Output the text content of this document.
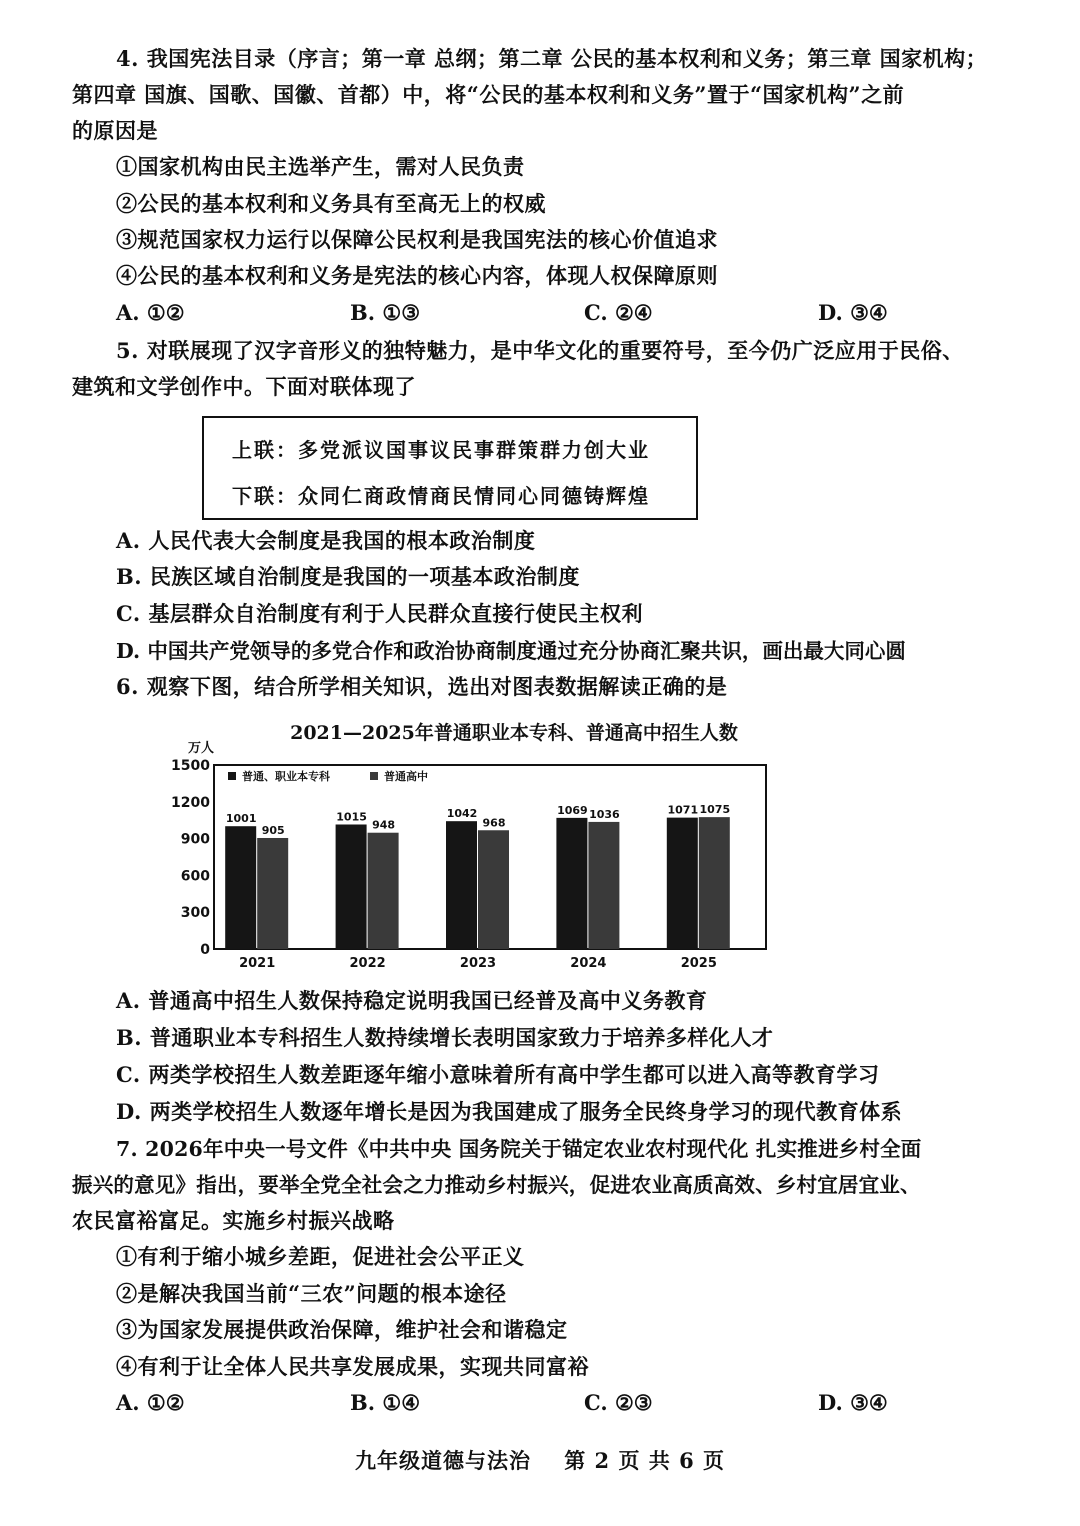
4. 我国宪法目录（序言；第一章 总纲；第二章 公民的基本权利和义务；第三章 国家机构；
第四章 国旗、国歌、国徽、首都）中，将“公民的基本权利和义务”置于“国家机构”之前
的原因是
①国家机构由民主选举产生，需对人民负责
②公民的基本权利和义务具有至高无上的权威
③规范国家权力运行以保障公民权利是我国宪法的核心价值追求
④公民的基本权利和义务是宪法的核心内容，体现人权保障原则
A. ①②	B. ①③	C. ②④	D. ③④
5. 对联展现了汉字音形义的独特魅力，是中华文化的重要符号，至今仍广泛应用于民俗、
建筑和文学创作中。下面对联体现了
上联：多党派议国事议民事群策群力创大业
下联：众同仁商政情商民情同心同德铸辉煌
A. 人民代表大会制度是我国的根本政治制度
B. 民族区域自治制度是我国的一项基本政治制度
C. 基层群众自治制度有利于人民群众直接行使民主权利
D. 中国共产党领导的多党合作和政治协商制度通过充分协商汇聚共识，画出最大同心圆
6. 观察下图，结合所学相关知识，选出对图表数据解读正确的是
2021—2025年普通职业本专科、普通高中招生人数
万人
0
300
600
900
1200
1500
1001
905
1015
948
1042
968
1069 1036	1071 1075
普通、职业本专科	普通高中
2021	2022	2023	2024	2025
A. 普通高中招生人数保持稳定说明我国已经普及高中义务教育
B. 普通职业本专科招生人数持续增长表明国家致力于培养多样化人才
C. 两类学校招生人数差距逐年缩小意味着所有高中学生都可以进入高等教育学习
D. 两类学校招生人数逐年增长是因为我国建成了服务全民终身学习的现代教育体系
7. 2026年中央一号文件《中共中央 国务院关于锚定农业农村现代化 扎实推进乡村全面
振兴的意见》指出，要举全党全社会之力推动乡村振兴，促进农业高质高效、乡村宜居宜业、
农民富裕富足。实施乡村振兴战略
①有利于缩小城乡差距，促进社会公平正义
②是解决我国当前“三农”问题的根本途径
③为国家发展提供政治保障，维护社会和谐稳定
④有利于让全体人民共享发展成果，实现共同富裕
A. ①②	B. ①④	C. ②③	D. ③④
九年级道德与法治    第 2 页 共 6 页
